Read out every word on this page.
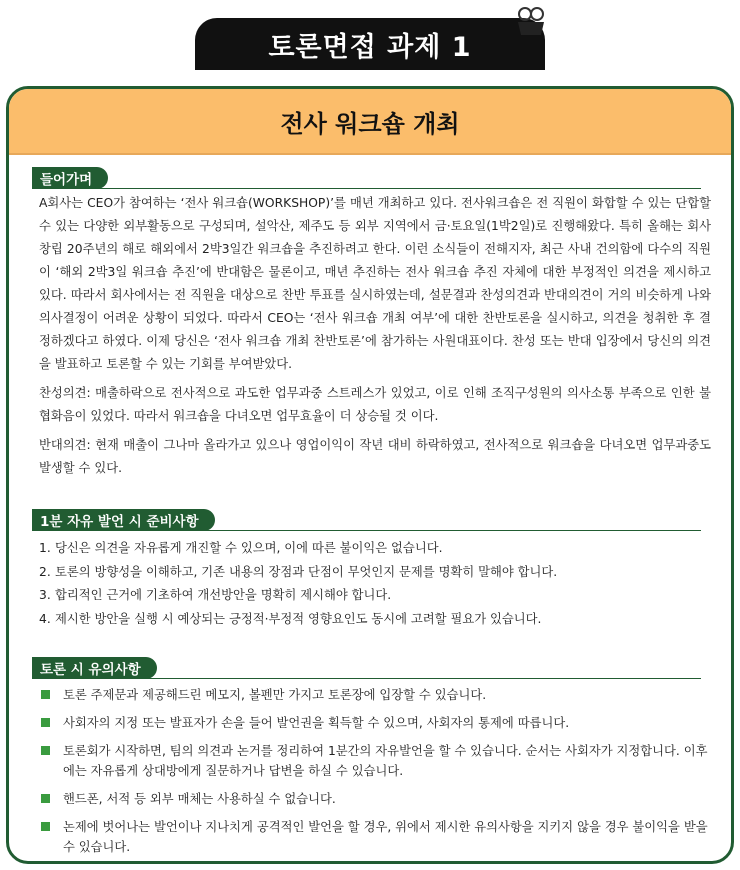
토론면접 과제 1
전사 워크숍 개최
들어가며

A회사는 CEO가 참여하는 ‘전사 워크숍(WORKSHOP)’를 매년 개최하고 있다. 전사워크숍은 전 직원이 화합할 수 있는 단합할 수 있는 다양한 외부활동으로 구성되며, 설악산, 제주도 등 외부 지역에서 금·토요일(1박2일)로 진행해왔다. 특히 올해는 회사 창립 20주년의 해로 해외에서 2박3일간 워크숍을 추진하려고 한다. 이런 소식들이 전해지자, 최근 사내 건의함에 다수의 직원이 ‘해외 2박3일 워크숍 추진’에 반대함은 물론이고, 매년 추진하는 전사 워크숍 추진 자체에 대한 부정적인 의견을 제시하고 있다. 따라서 회사에서는 전 직원을 대상으로 찬반 투표를 실시하였는데, 설문결과 찬성의견과 반대의견이 거의 비슷하게 나와 의사결정이 어려운 상황이 되었다. 따라서 CEO는 ‘전사 워크숍 개최 여부’에 대한 찬반토론을 실시하고, 의견을 청취한 후 결정하겠다고 하였다. 이제 당신은 ‘전사 워크숍 개최 찬반토론’에 참가하는 사원대표이다. 찬성 또는 반대 입장에서 당신의 의견을 발표하고 토론할 수 있는 기회를 부여받았다.

찬성의견: 매출하락으로 전사적으로 과도한 업무과중 스트레스가 있었고, 이로 인해 조직구성원의 의사소통 부족으로 인한 불협화음이 있었다. 따라서 워크숍을 다녀오면 업무효율이 더 상승될 것 이다.

반대의견: 현재 매출이 그나마 올라가고 있으나 영업이익이 작년 대비 하락하였고, 전사적으로 워크숍을 다녀오면 업무과중도 발생할 수 있다.

1분 자유 발언 시 준비사항
1. 당신은 의견을 자유롭게 개진할 수 있으며, 이에 따른 불이익은 없습니다.
2. 토론의 방향성을 이해하고, 기존 내용의 장점과 단점이 무엇인지 문제를 명확히 말해야 합니다.
3. 합리적인 근거에 기초하여 개선방안을 명확히 제시해야 합니다.
4. 제시한 방안을 실행 시 예상되는 긍정적·부정적 영향요인도 동시에 고려할 필요가 있습니다.
토론 시 유의사항
토론 주제문과 제공해드린 메모지, 볼펜만 가지고 토론장에 입장할 수 있습니다.
사회자의 지정 또는 발표자가 손을 들어 발언권을 획득할 수 있으며, 사회자의 통제에 따릅니다.
토론회가 시작하면, 팀의 의견과 논거를 정리하여 1분간의 자유발언을 할 수 있습니다. 순서는 사회자가 지정합니다. 이후에는 자유롭게 상대방에게 질문하거나 답변을 하실 수 있습니다.
핸드폰, 서적 등 외부 매체는 사용하실 수 없습니다.
논제에 벗어나는 발언이나 지나치게 공격적인 발언을 할 경우, 위에서 제시한 유의사항을 지키지 않을 경우 불이익을 받을 수 있습니다.
